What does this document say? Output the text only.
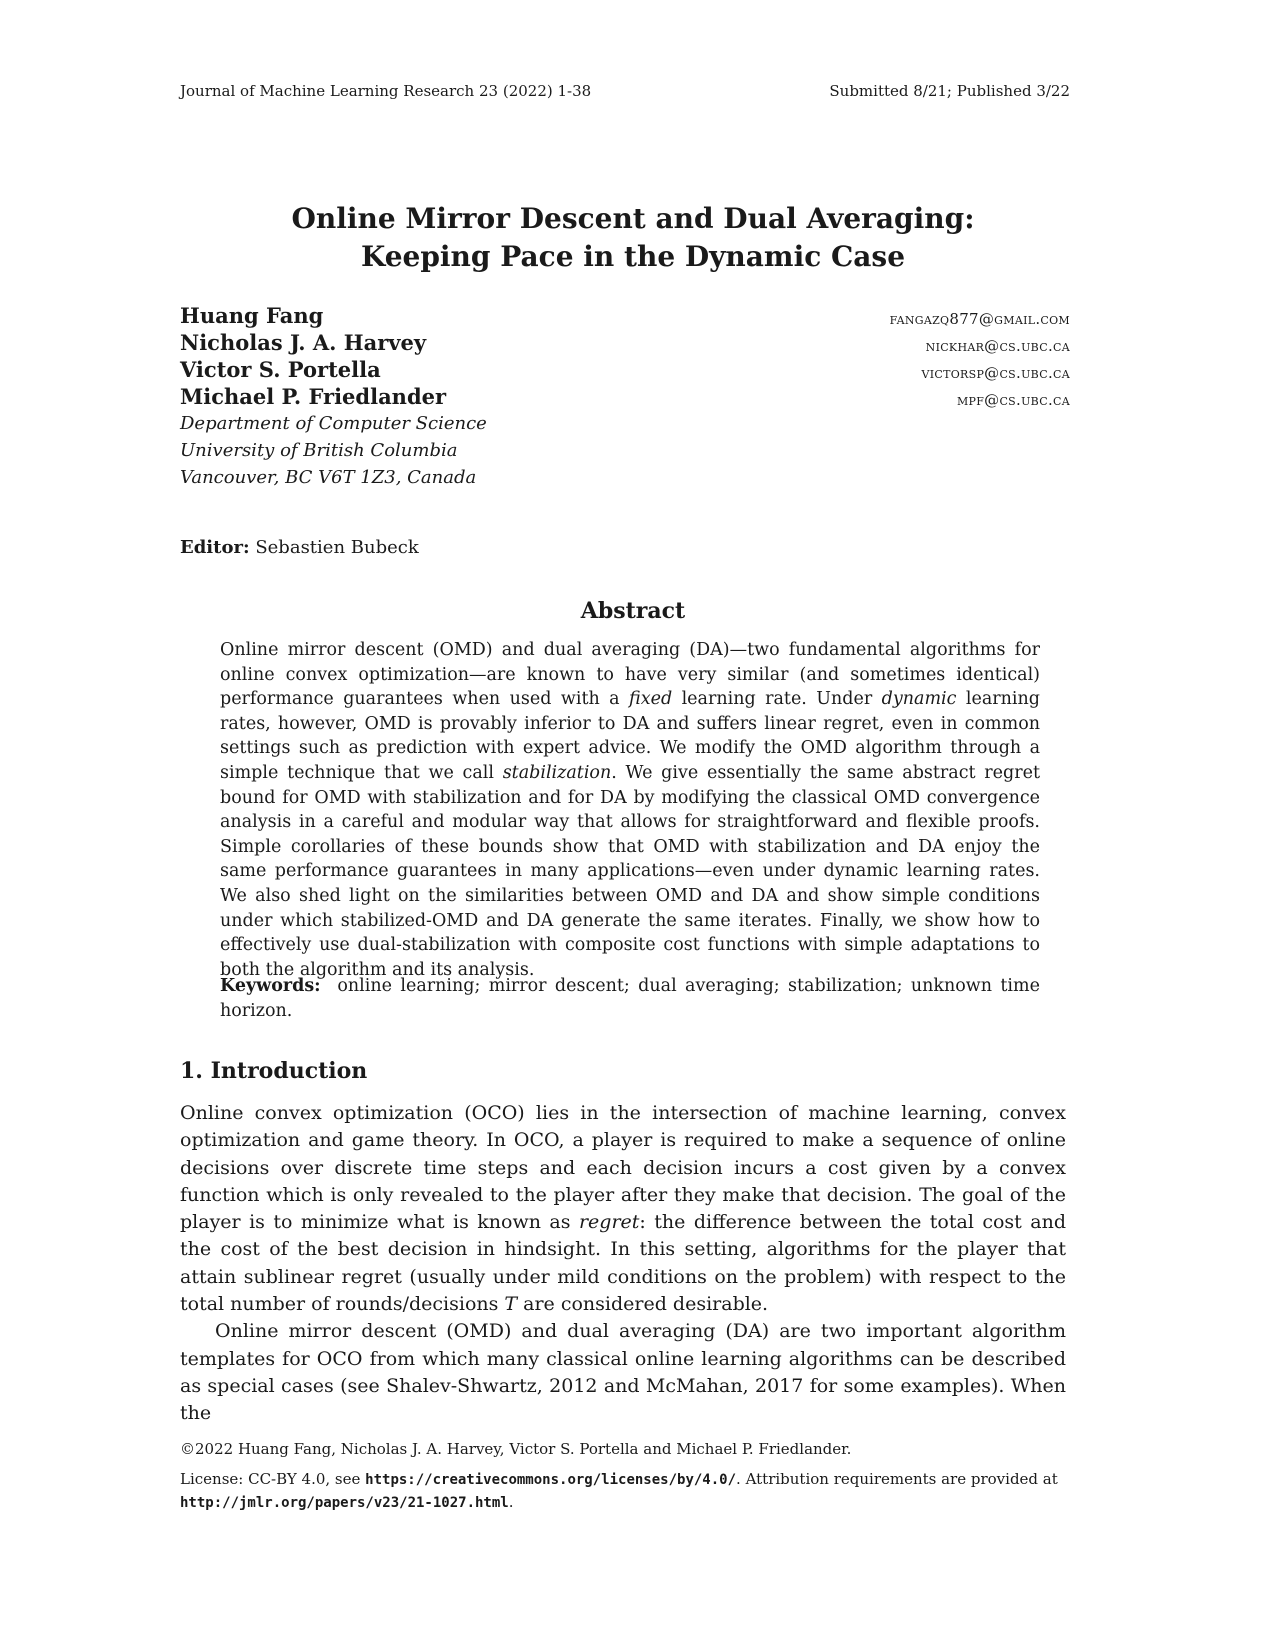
Journal of Machine Learning Research 23 (2022) 1-38	Submitted 8/21; Published 3/22
Online Mirror Descent and Dual Averaging:
Keeping Pace in the Dynamic Case
Huang Fang
Nicholas J. A. Harvey
Victor S. Portella
Michael P. Friedlander
Department of Computer Science
University of British Columbia
Vancouver, BC V6T 1Z3, Canada
fangazq877@gmail.com
nickhar@cs.ubc.ca
victorsp@cs.ubc.ca
mpf@cs.ubc.ca
Editor: Sebastien Bubeck
Abstract

Online mirror descent (OMD) and dual averaging (DA)—two fundamental algorithms for online convex optimization—are known to have very similar (and sometimes identical) performance guarantees when used with a fixed learning rate. Under dynamic learning rates, however, OMD is provably inferior to DA and suffers linear regret, even in common settings such as prediction with expert advice. We modify the OMD algorithm through a simple technique that we call stabilization. We give essentially the same abstract regret bound for OMD with stabilization and for DA by modifying the classical OMD convergence analysis in a careful and modular way that allows for straightforward and flexible proofs. Simple corollaries of these bounds show that OMD with stabilization and DA enjoy the same performance guarantees in many applications—even under dynamic learning rates. We also shed light on the similarities between OMD and DA and show simple conditions under which stabilized-OMD and DA generate the same iterates. Finally, we show how to effectively use dual-stabilization with composite cost functions with simple adaptations to both the algorithm and its analysis.

Keywords: online learning; mirror descent; dual averaging; stabilization; unknown time horizon.
1. Introduction

Online convex optimization (OCO) lies in the intersection of machine learning, convex optimization and game theory. In OCO, a player is required to make a sequence of online decisions over discrete time steps and each decision incurs a cost given by a convex function which is only revealed to the player after they make that decision. The goal of the player is to minimize what is known as regret: the difference between the total cost and the cost of the best decision in hindsight. In this setting, algorithms for the player that attain sublinear regret (usually under mild conditions on the problem) with respect to the total number of rounds/decisions T are considered desirable.

Online mirror descent (OMD) and dual averaging (DA) are two important algorithm templates for OCO from which many classical online learning algorithms can be described as special cases (see Shalev-Shwartz, 2012 and McMahan, 2017 for some examples). When the

©2022 Huang Fang, Nicholas J. A. Harvey, Victor S. Portella and Michael P. Friedlander.
License: CC-BY 4.0, see https://creativecommons.org/licenses/by/4.0/. Attribution requirements are provided at http://jmlr.org/papers/v23/21-1027.html.
